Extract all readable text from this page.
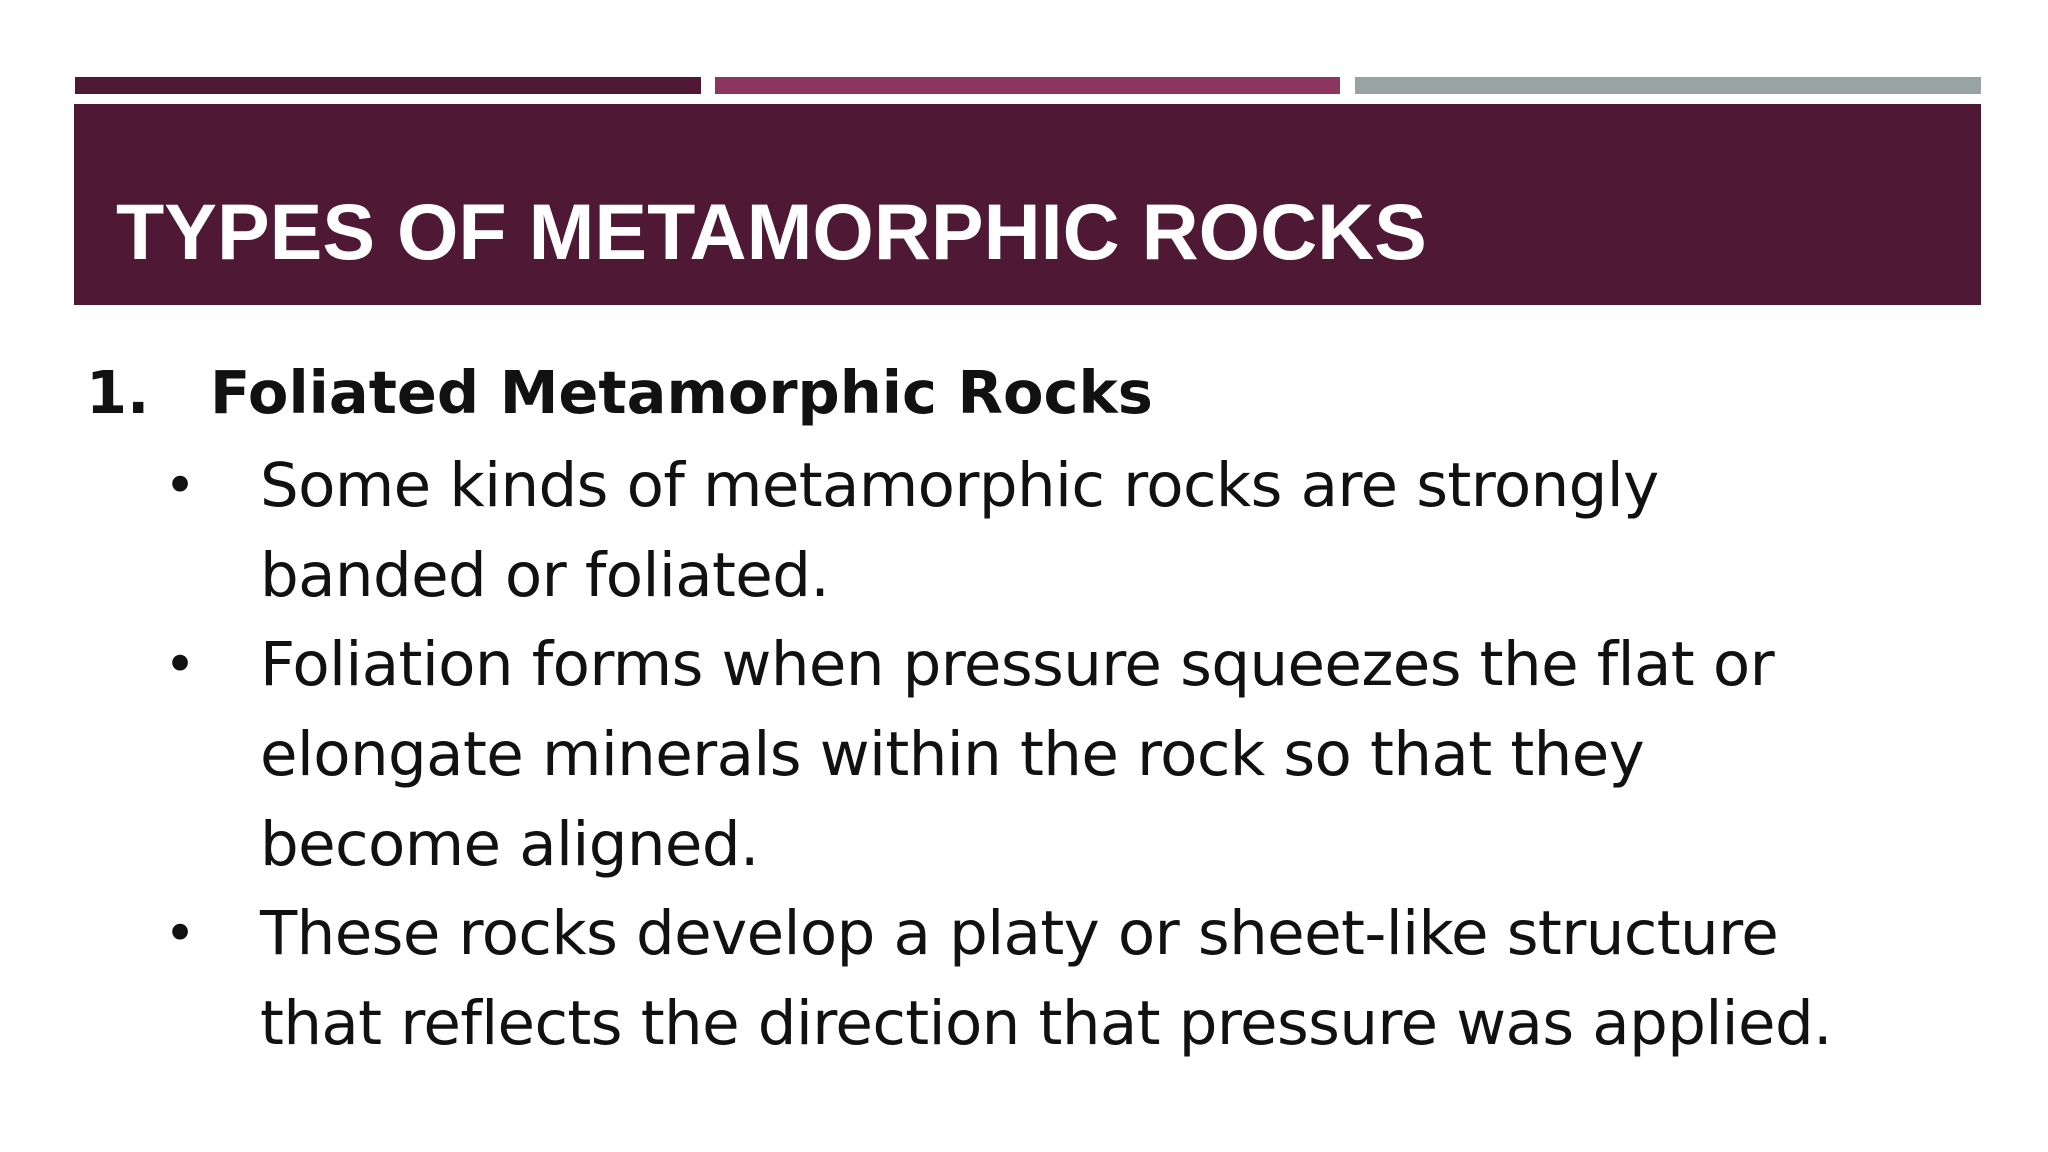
TYPES OF METAMORPHIC ROCKS
1. Foliated Metamorphic Rocks
• Some kinds of metamorphic rocks are strongly
banded or foliated.
• Foliation forms when pressure squeezes the flat or
elongate minerals within the rock so that they
become aligned.
• These rocks develop a platy or sheet-like structure
that reflects the direction that pressure was applied.
